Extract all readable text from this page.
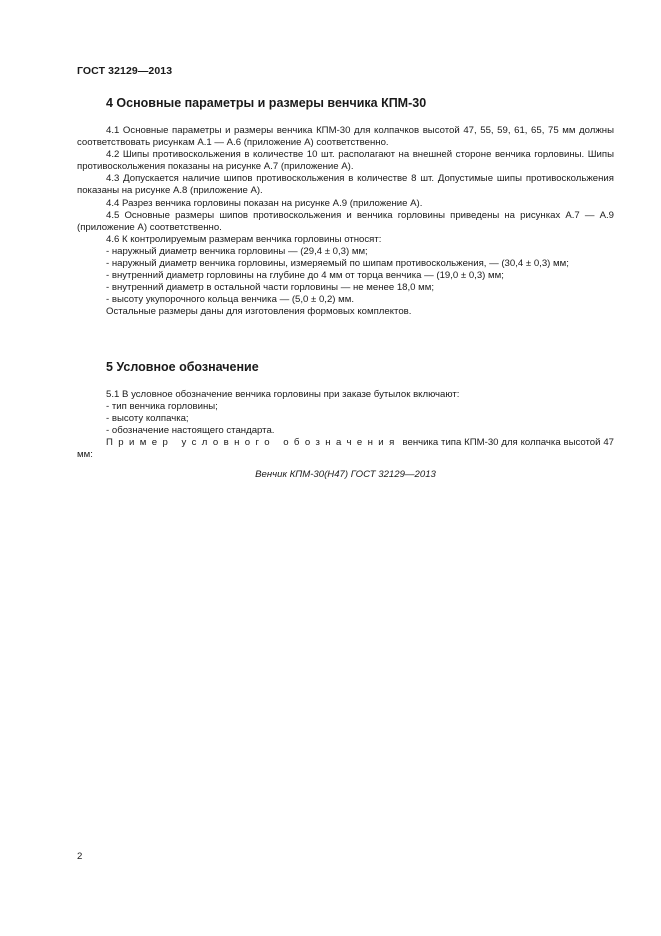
ГОСТ 32129—2013
4 Основные параметры и размеры венчика КПМ-30

4.1 Основные параметры и размеры венчика КПМ-30 для колпачков высотой 47, 55, 59, 61, 65, 75 мм должны соответствовать рисункам А.1 — А.6 (приложение А) соответственно.

4.2 Шипы противоскольжения в количестве 10 шт. располагают на внешней стороне венчика горловины. Шипы противоскольжения показаны на рисунке А.7 (приложение А).

4.3 Допускается наличие шипов противоскольжения в количестве 8 шт. Допустимые шипы противоскольжения показаны на рисунке А.8 (приложение А).

4.4 Разрез венчика горловины показан на рисунке А.9 (приложение А).

4.5 Основные размеры шипов противоскольжения и венчика горловины приведены на рисунках А.7 — А.9 (приложение А) соответственно.

4.6 К контролируемым размерам венчика горловины относят:

- наружный диаметр венчика горловины — (29,4 ± 0,3) мм;

- наружный диаметр венчика горловины, измеряемый по шипам противоскольжения, — (30,4 ± 0,3) мм;

- внутренний диаметр горловины на глубине до 4 мм от торца венчика — (19,0 ± 0,3) мм;

- внутренний диаметр в остальной части горловины — не менее 18,0 мм;

- высоту укупорочного кольца венчика — (5,0 ± 0,2) мм.

Остальные размеры даны для изготовления формовых комплектов.

5 Условное обозначение

5.1 В условное обозначение венчика горловины при заказе бутылок включают:

- тип венчика горловины;

- высоту колпачка;

- обозначение настоящего стандарта.

Пример условного обозначения венчика типа КПМ-30 для колпачка высотой 47 мм:

Венчик КПМ-30(Н47) ГОСТ 32129—2013
2
